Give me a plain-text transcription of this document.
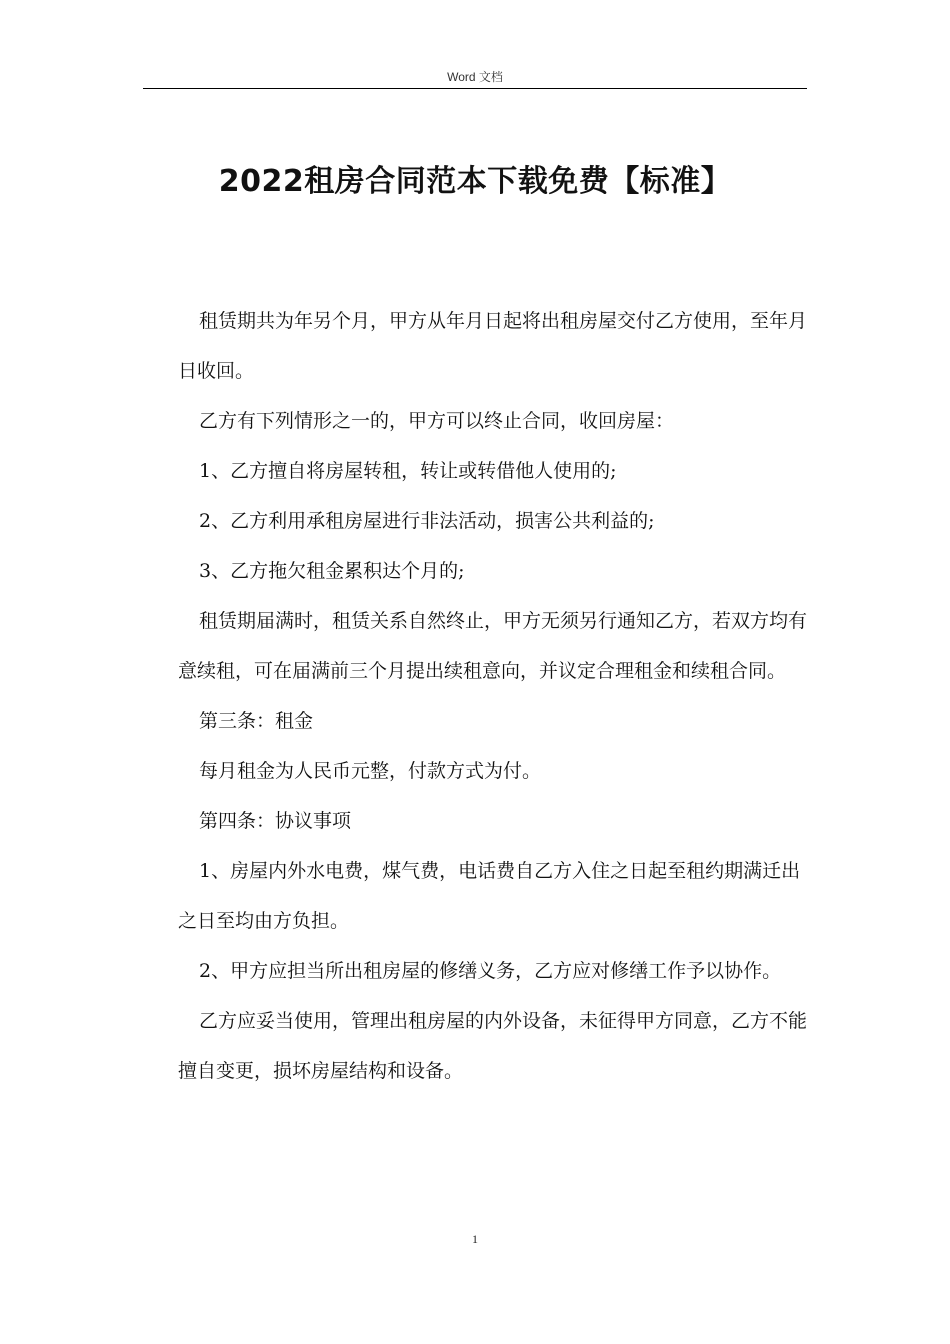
Word 文档
2022租房合同范本下载免费【标准】

租赁期共为年另个月，甲方从年月日起将出租房屋交付乙方使用，至年月日收回。

乙方有下列情形之一的，甲方可以终止合同，收回房屋：

1、乙方擅自将房屋转租，转让或转借他人使用的;

2、乙方利用承租房屋进行非法活动，损害公共利益的;

3、乙方拖欠租金累积达个月的;

租赁期届满时，租赁关系自然终止，甲方无须另行通知乙方，若双方均有意续租，可在届满前三个月提出续租意向，并议定合理租金和续租合同。

第三条：租金

每月租金为人民币元整，付款方式为付。

第四条：协议事项

1、房屋内外水电费，煤气费，电话费自乙方入住之日起至租约期满迁出之日至均由方负担。

2、甲方应担当所出租房屋的修缮义务，乙方应对修缮工作予以协作。

乙方应妥当使用，管理出租房屋的内外设备，未征得甲方同意，乙方不能擅自变更，损坏房屋结构和设备。

1
